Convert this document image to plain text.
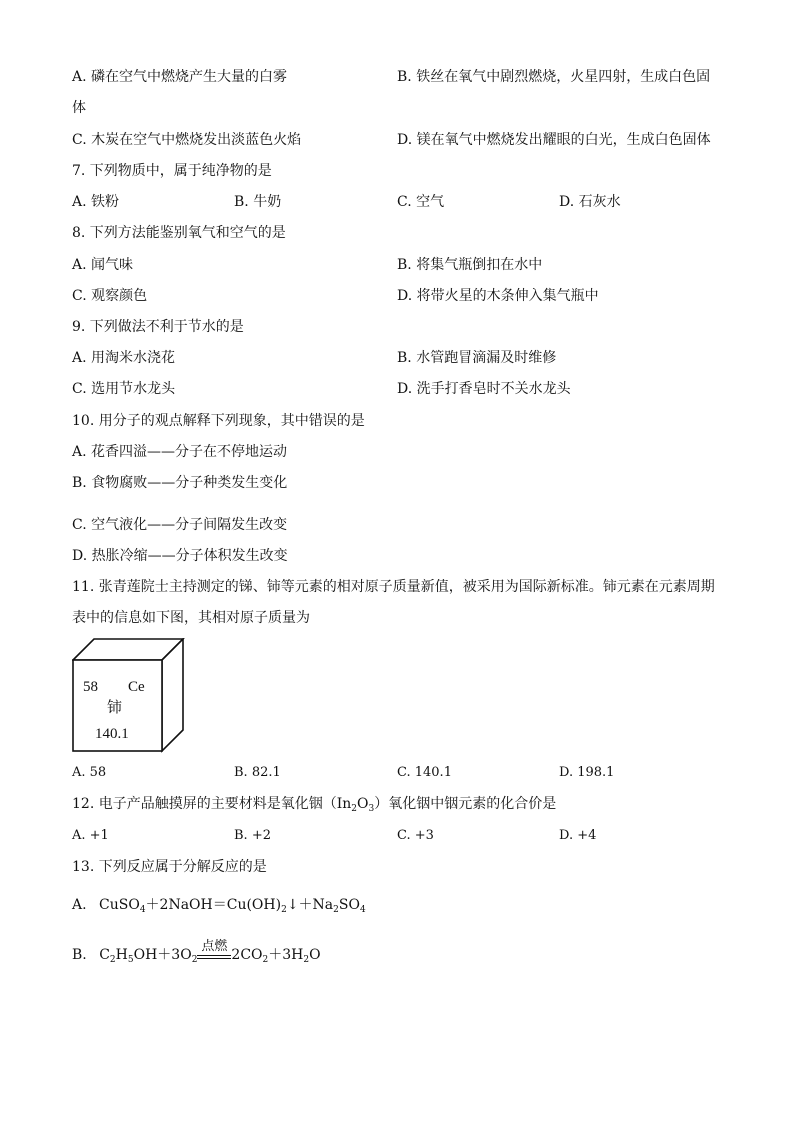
A. 磷在空气中燃烧产生大量的白雾	B. 铁丝在氧气中剧烈燃烧，火星四射，生成白色固
体
C. 木炭在空气中燃烧发出淡蓝色火焰	D. 镁在氧气中燃烧发出耀眼的白光，生成白色固体
7. 下列物质中，属于纯净物的是
A. 铁粉	B. 牛奶	C. 空气	D. 石灰水
8. 下列方法能鉴别氧气和空气的是
A. 闻气味	B. 将集气瓶倒扣在水中
C. 观察颜色	D. 将带火星的木条伸入集气瓶中
9. 下列做法不利于节水的是
A. 用淘米水浇花	B. 水管跑冒滴漏及时维修
C. 选用节水龙头	D. 洗手打香皂时不关水龙头
10. 用分子的观点解释下列现象，其中错误的是
A. 花香四溢——分子在不停地运动
B. 食物腐败——分子种类发生变化
C. 空气液化——分子间隔发生改变
D. 热胀冷缩——分子体积发生改变
11. 张青莲院士主持测定的锑、铈等元素的相对原子质量新值，被采用为国际新标准。铈元素在元素周期
表中的信息如下图，其相对原子质量为
58 Ce
铈
140.1
A. 58	B. 82.1	C. 140.1	D. 198.1
12. 电子产品触摸屏的主要材料是氧化铟$(In_2O_3)$氧化铟中铟元素的化合价是
A. +1	B. +2	C. +3	D. +4
13. 下列反应属于分解反应的是
A. $CuSO_4+2NaOH=Cu(OH)_2↓+Na_2SO_4$
B. $C_2H_5OH+3O_2$
点燃
$2CO_2+3H_2O$
